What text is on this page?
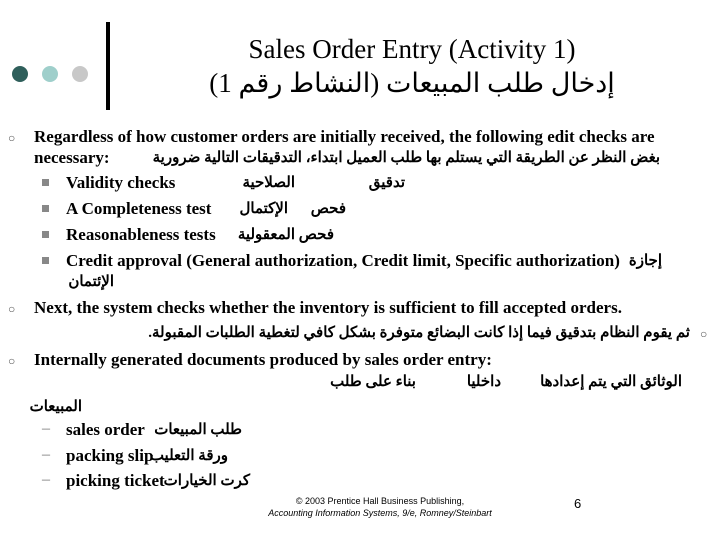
Sales Order Entry (Activity 1)
إدخال طلب المبيعات (النشاط رقم 1)
○ Regardless of how customer orders are initially received, the following edit checks are
necessary:	بغض النظر عن الطريقة التي يستلم بها طلب العميل ابتداء، التدقيقات التالية ضرورية
Validity checks	الصلاحية	تدقيق
A Completeness test الإكتمال فحص
Reasonableness tests فحص المعقولية
Credit approval (General authorization, Credit limit, Specific authorization) إجازة
الإئتمان
○ Next, the system checks whether the inventory is sufficient to fill accepted orders.
ثم يقوم النظام بتدقيق فيما إذا كانت البضائع متوفرة بشكل كافي لتغطية الطلبات المقبولة. ○
○ Internally generated documents produced by sales order entry:
الوثائق التي يتم إعدادها
داخليا
بناء على طلب
المبيعات
– sales order طلب المبيعات
– packing slip
ورقة التعليب
– picking ticket
كرت الخيارات
© 2003 Prentice Hall Business Publishing,
Accounting Information Systems, 9/e, Romney/Steinbart
6
